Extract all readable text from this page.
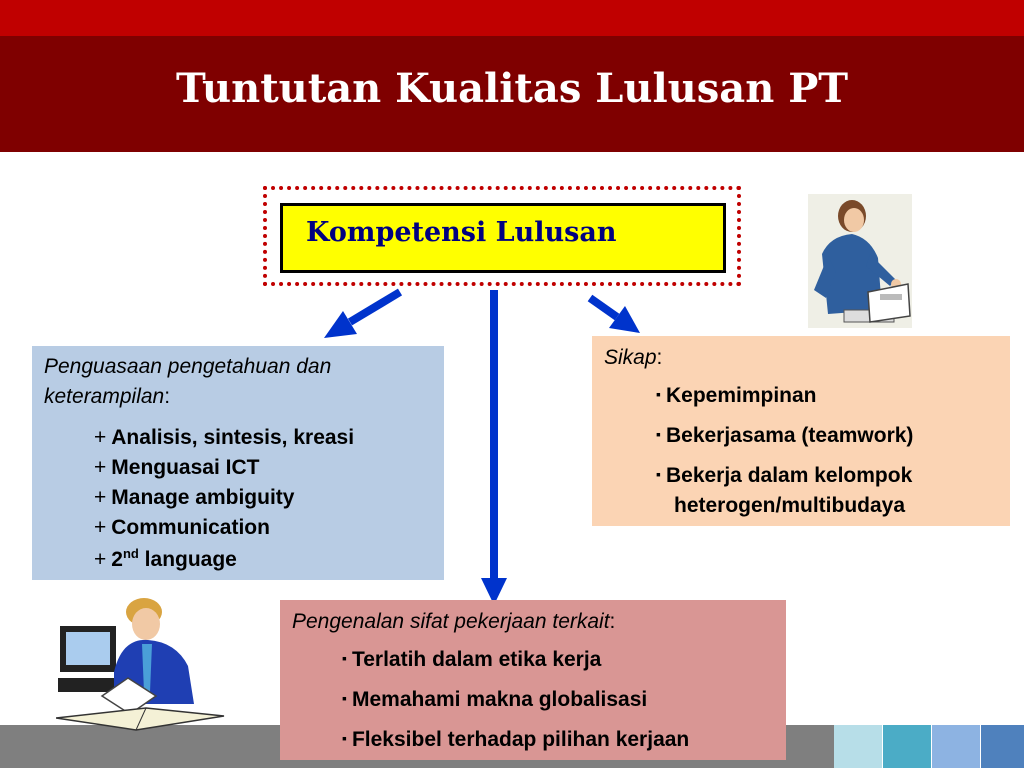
Tuntutan Kualitas Lulusan PT
Kompetensi Lulusan
Penguasaan pengetahuan dan
keterampilan:
+ Analisis, sintesis, kreasi
+ Menguasai ICT
+ Manage ambiguity
+ Communication
+ 2nd language
Sikap:
▪ Kepemimpinan
▪ Bekerjasama (teamwork)
▪ Bekerja dalam kelompok
heterogen/multibudaya
Pengenalan sifat pekerjaan terkait:
▪ Terlatih dalam etika kerja
▪ Memahami makna globalisasi
▪ Fleksibel terhadap pilihan kerjaan
